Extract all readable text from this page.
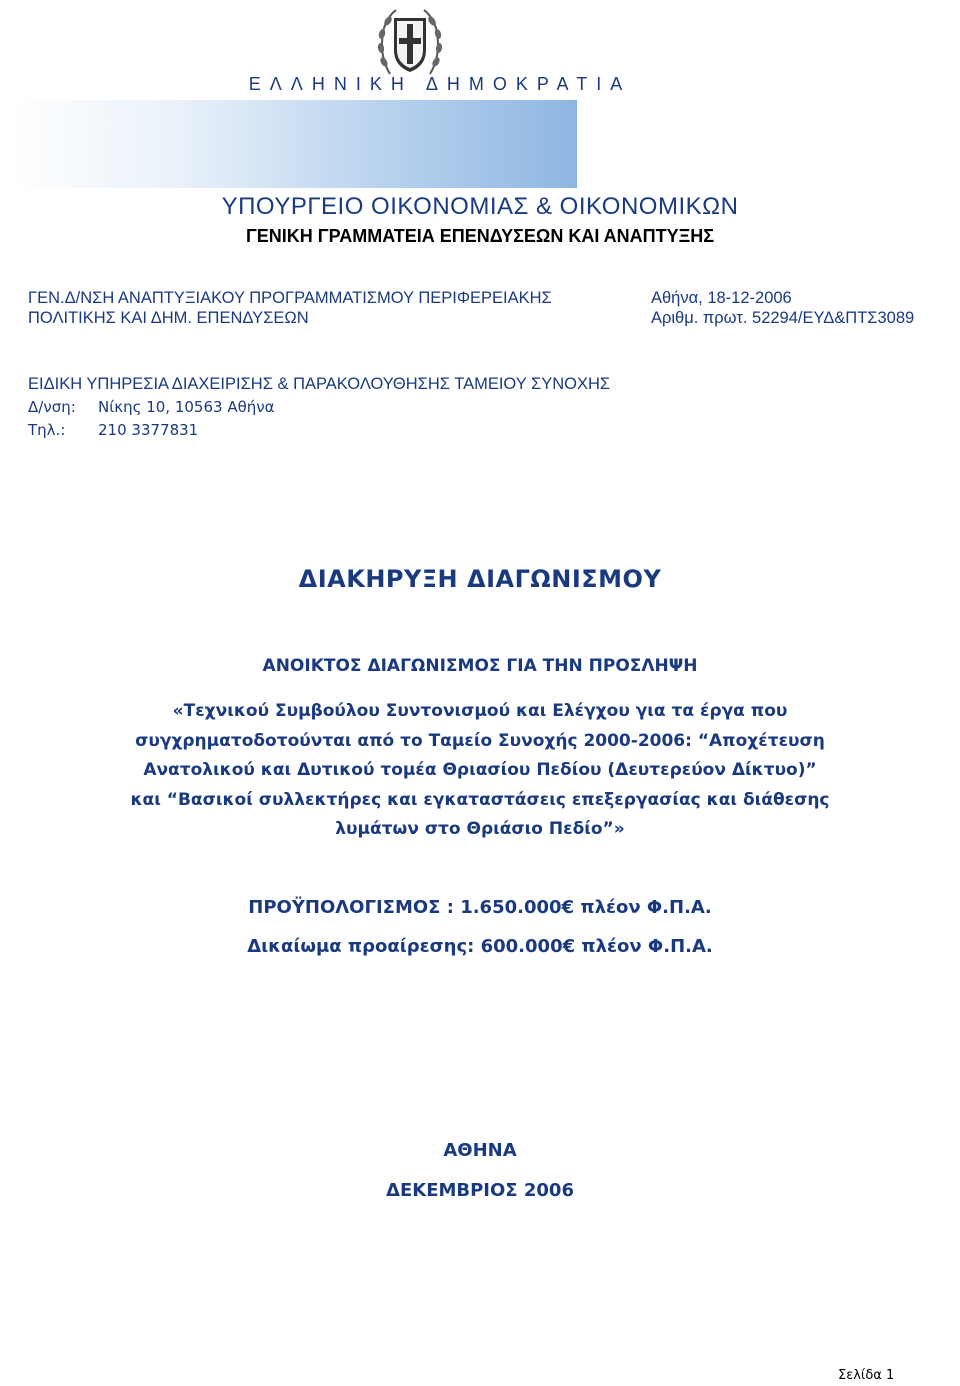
ΕΛΛΗΝΙΚΗ ΔΗΜΟΚΡΑΤΙΑ
ΥΠΟΥΡΓΕΙΟ ΟΙΚΟΝΟΜΙΑΣ & ΟΙΚΟΝΟΜΙΚΩΝ
ΓΕΝΙΚΗ ΓΡΑΜΜΑΤΕΙΑ ΕΠΕΝΔΥΣΕΩΝ ΚΑΙ ΑΝΑΠΤΥΞΗΣ
ΓΕΝ.Δ/ΝΣΗ ΑΝΑΠΤΥΞΙΑΚΟΥ ΠΡΟΓΡΑΜΜΑΤΙΣΜΟΥ ΠΕΡΙΦΕΡΕΙΑΚΗΣ
ΠΟΛΙΤΙΚΗΣ ΚΑΙ ΔΗΜ. ΕΠΕΝΔΥΣΕΩΝ
Αθήνα, 18-12-2006
Αριθμ. πρωτ. 52294/ΕΥΔ&ΠΤΣ3089
ΕΙΔΙΚΗ ΥΠΗΡΕΣΙΑ ΔΙΑΧΕΙΡΙΣΗΣ & ΠΑΡΑΚΟΛΟΥΘΗΣΗΣ ΤΑΜΕΙΟΥ ΣΥΝΟΧΗΣ
Δ/νση: Νίκης 10, 10563 Αθήνα
Τηλ.: 210 3377831
ΔΙΑΚΗΡΥΞΗ ΔΙΑΓΩΝΙΣΜΟΥ
ΑΝΟΙΚΤΟΣ ΔΙΑΓΩΝΙΣΜΟΣ ΓΙΑ ΤΗΝ ΠΡΟΣΛΗΨΗ
«Τεχνικού Συμβούλου Συντονισμού και Ελέγχου για τα έργα που
συγχρηματοδοτούνται από το Ταμείο Συνοχής 2000-2006: “Αποχέτευση
Ανατολικού και Δυτικού τομέα Θριασίου Πεδίου (Δευτερεύον Δίκτυο)”
και “Βασικοί συλλεκτήρες και εγκαταστάσεις επεξεργασίας και διάθεσης
λυμάτων στο Θριάσιο Πεδίο”»
ΠΡΟΫΠΟΛΟΓΙΣΜΟΣ : 1.650.000€ πλέον Φ.Π.Α.
Δικαίωμα προαίρεσης: 600.000€ πλέον Φ.Π.Α.
ΑΘΗΝΑ
ΔΕΚΕΜΒΡΙΟΣ 2006
Σελίδα 1
